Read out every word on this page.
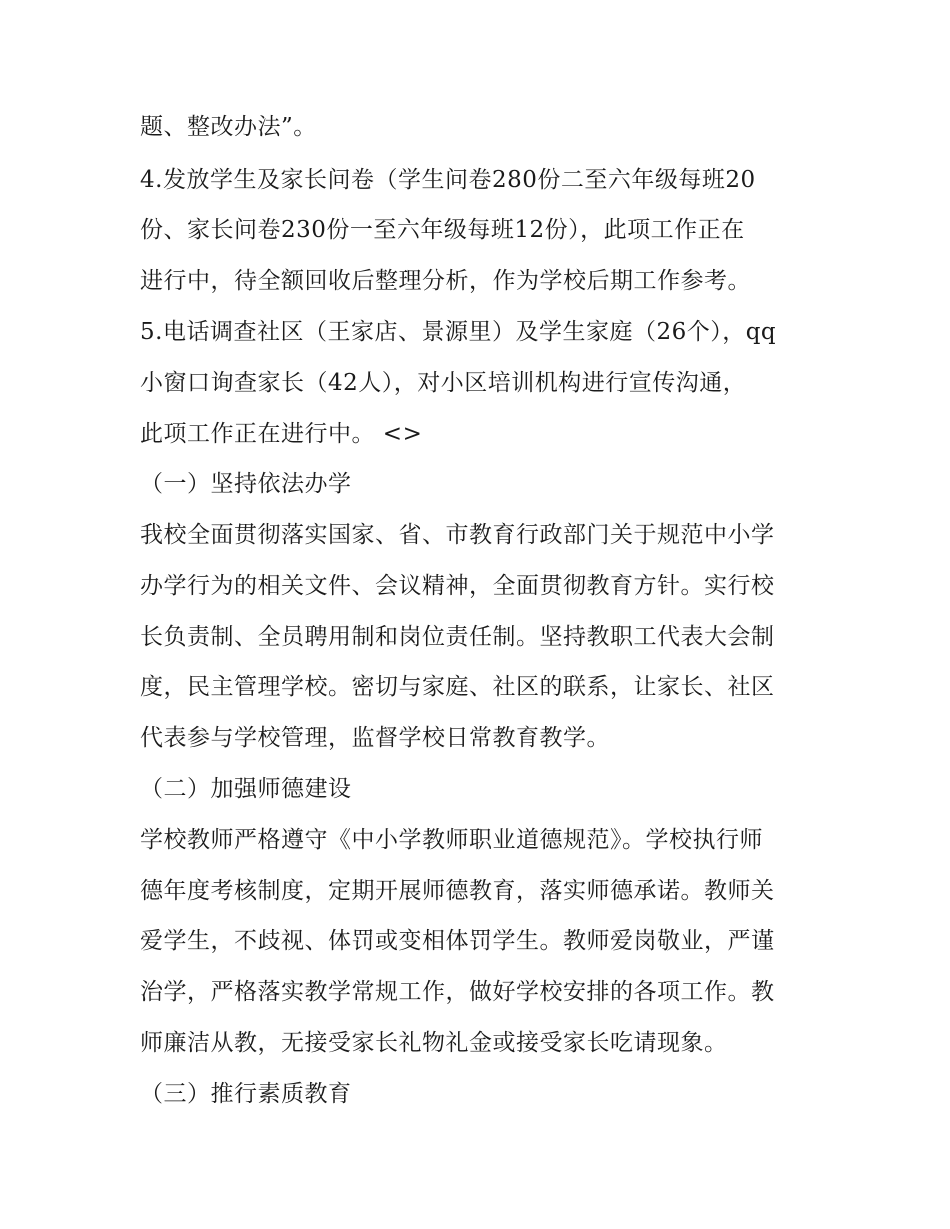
题、整改办法”。
4.发放学生及家长问卷（学生问卷280份二至六年级每班20
份、家长问卷230份一至六年级每班12份），此项工作正在
进行中，待全额回收后整理分析，作为学校后期工作参考。
5.电话调查社区（王家店、景源里）及学生家庭（26个），qq
小窗口询查家长（42人），对小区培训机构进行宣传沟通，
此项工作正在进行中。 <>
（一）坚持依法办学
我校全面贯彻落实国家、省、市教育行政部门关于规范中小学
办学行为的相关文件、会议精神，全面贯彻教育方针。实行校
长负责制、全员聘用制和岗位责任制。坚持教职工代表大会制
度，民主管理学校。密切与家庭、社区的联系，让家长、社区
代表参与学校管理，监督学校日常教育教学。
（二）加强师德建设
学校教师严格遵守《中小学教师职业道德规范》。学校执行师
德年度考核制度，定期开展师德教育，落实师德承诺。教师关
爱学生，不歧视、体罚或变相体罚学生。教师爱岗敬业，严谨
治学，严格落实教学常规工作，做好学校安排的各项工作。教
师廉洁从教，无接受家长礼物礼金或接受家长吃请现象。
（三）推行素质教育
